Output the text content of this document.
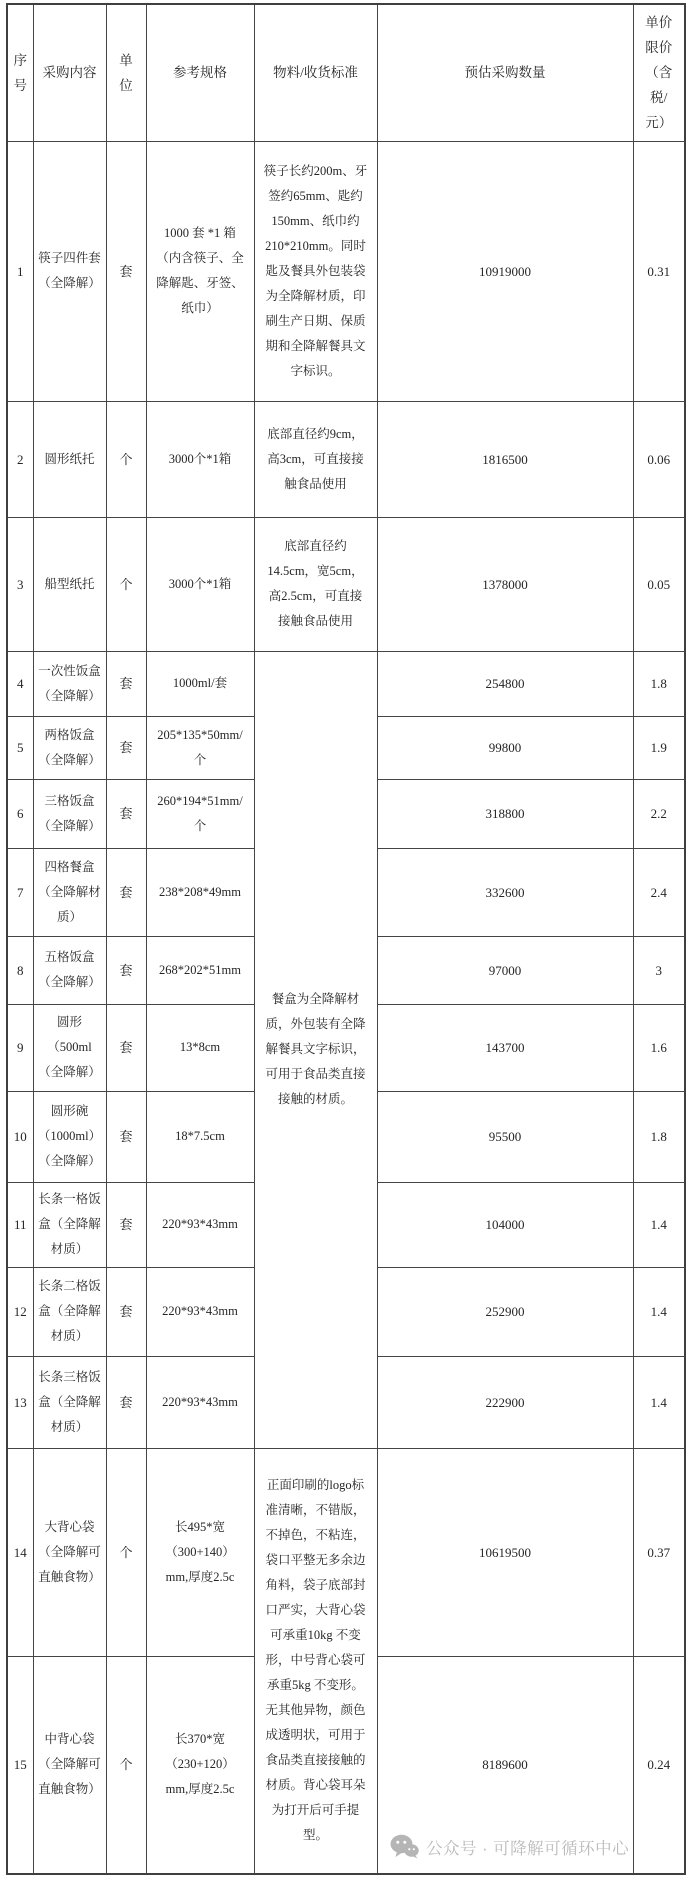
序号	采购内容	单位	参考规格	物料/收货标准	预估采购数量	单价限价（含税/元）
1	筷子四件套（全降解）	套	1000 套 *1 箱（内含筷子、全降解匙、牙签、纸巾）	筷子长约200m、牙签约65mm、匙约150mm、纸巾约210*210mm。同时匙及餐具外包装袋为全降解材质，印刷生产日期、保质期和全降解餐具文字标识。	10919000	0.31
2	圆形纸托	个	3000个*1箱	底部直径约9cm，高3cm，可直接接触食品使用	1816500	0.06
3	船型纸托	个	3000个*1箱	底部直径约14.5cm，宽5cm，高2.5cm，可直接接触食品使用	1378000	0.05
4	一次性饭盒（全降解）	套	1000ml/套	餐盒为全降解材质，外包装有全降解餐具文字标识，可用于食品类直接接触的材质。	254800	1.8
5	两格饭盒（全降解）	套	205*135*50mm/个		99800	1.9
6	三格饭盒（全降解）	套	260*194*51mm/个		318800	2.2
7	四格餐盒（全降解材质）	套	238*208*49mm		332600	2.4
8	五格饭盒（全降解）	套	268*202*51mm		97000	3
9	圆形（500ml（全降解）	套	13*8cm		143700	1.6
10	圆形碗（1000ml）（全降解）	套	18*7.5cm		95500	1.8
11	长条一格饭盒（全降解材质）	套	220*93*43mm		104000	1.4
12	长条二格饭盒（全降解材质）	套	220*93*43mm		252900	1.4
13	长条三格饭盒（全降解材质）	套	220*93*43mm		222900	1.4
14	大背心袋（全降解可直触食物）	个	长495*宽（300+140）mm,厚度2.5c	正面印刷的logo标准清晰，不错版，不掉色，不粘连，袋口平整无多余边角料，袋子底部封口严实，大背心袋可承重10kg 不变形，中号背心袋可承重5kg 不变形。 无其他异物，颜色成透明状，可用于食品类直接接触的材质。背心袋耳朵为打开后可手提型。	10619500	0.37
15	中背心袋（全降解可直触食物）	个	长370*宽（230+120）mm,厚度2.5c		8189600	0.24
公众号 · 可降解可循环中心
